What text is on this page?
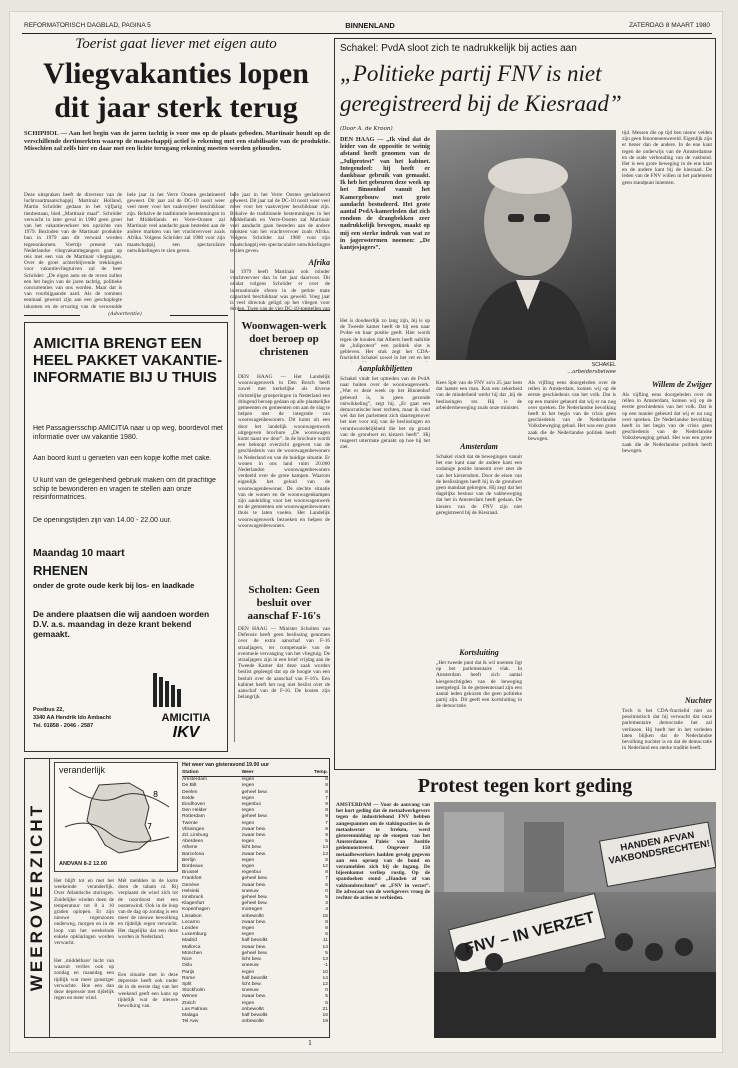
REFORMATORISCH DAGBLAD, PAGINA 5	BINNENLAND	ZATERDAG 8 MAART 1980
Toerist gaat liever met eigen auto
Vliegvakanties lopen
dit jaar sterk terug
SCHIPHOL — Aan het begin van de jaren tachtig is voor ons op de plaats geboden. Martinair houdt op de verschillende dertimerkten waarop de maatschappij actief is rekening met een stabilisatie van de produktie. Misschien zal zelfs hier en daar met een lichte terugang rekening moeten worden gehouden.
Deze uitspraken heeft de directeur van de luchtvaartmaatschappij Martinair Holland, Martin Schröder gedaan in het vijfjarig tienbestaan, bied „Martinair maal”. Schröder verwacht in later geval in 1980 geen groei van het vakantieverkeer ten opzichte van 1979. Bezinden van de Martinair produktie hun in 1979 aan dit verwaal worden tegenonkomen. Voertijs present van Nederlandse vliegvakantiegangers gaat op reis met een van de Martinair vliegtuigen. Over de groei achterblijvende trekkingen voor vakantievliegtuiven zal de heer Schröder: „De eigen auto en de reven zullen een het begin van de jaren tachtig, politieke concurrenties van ons worden. Maar dat is van voorbijgaande aard. Als de rommen eenmaal gewend zijn aan een geschoplegte inkomen en de ervaring van de verwendde
bele jaar in het Verre Oosten geslatineerd geweest. Dit jaar zal de DC-10 nooit weer veel meer voor het vaakverjeer beschikbaar zijn. Behalve de traditionele bestemmingen in het Middellands en Verre-Oosten zal Martinair veel aandacht gaan besteden aan de andere markten van het vrachtvervoer zoals Afrika. Volgens Schröder zal 1980 voor zijn maatschappij een spectaculaire ontwikkelingen te zien geven.
bele jaar in het Verre Oosten geslatineerd geweest. Dit jaar zal de DC-10 nooit weer veel meer voor het vaakverjeer beschikbaar zijn. Behalve de traditionele bestemmingen in het Middellands en Verre-Oosten zal Martinair veel aandacht gaan besteden aan de andere markten van het vrachtvervoer zoals Afrika. Volgens Schröder zal 1980 voor zijn maatschappij een spectaculaire ontwikkelingen te zien geven.
Afrika
In 1979 heeft Martinair ook minder vrachtvervoer dan in het jaar daarvoor. Dit omdat volgens Schröder er over de internationale sferen in de perkte mate capaciteit beschikbaar was geweld. Voeg jaar is veel directuk geligd op het vliegen voor derden. Twee van de vier DC-10-toestellen van
(Advertentie)
AMICITIA BRENGT EEN HEEL PAKKET VAKANTIE-INFORMATIE BIJ U THUIS
Het Passagiersschip AMICITIA naar u op weg, boordevol met informatie over uw vakantie 1980.
Aan boord kunt u genieten van een kopje koffie met cake.
U kunt van de gelegenheid gebruik maken om dit prachtige schip te bewonderen en vragen te stellen aan onze reisinformatrices.
De openingstijden zijn van 14.00 - 22.00 uur.
Maandag 10 maart
RHENEN
onder de grote oude kerk bij los- en laadkade
De andere plaatsen die wij aandoen worden D.V. a.s. maandag in deze krant bekend gemaakt.
Postbus 22,
3340 AA Hendrik Ido Ambacht
Tel. 01858 - 2046 - 2587
AMICITIA
IKV
Woonwagen-werk doet beroep op christenen
DEN HAAG — Het Landelijk woonwagenwerk in Den Bosch heeft zowel met kerkelijke als diverse christelijke groeperingen in Nederland een dringend beroep gedaan op alle plaatselijke gemeenten en gemeenten om aan de slag te helpen met de integratie van woonwagenbewoners. Dit komt uit een door het landelijk woonwagenwerk uitgegeven brochure „De woonwagen komt naast uw deur”. In de brochure wordt een beknopt overzicht gegeven van de geschiedenis van de woonwagenbewoners in Nederland en van de huidige situatie. Er wonen in ons land ruim 20.000 Nederlandse woonwagenbewoners verdeeld over de grote kampen. Waarom eigenlijk het geluid van de woonwagenbewoner. De slechte situatie van de wonen en de woonwagenkampen zijn aanleiding voor het woonwagenwerk en de gemeenten om woonwagenbewoners thuis te laten voelen. Het Landelijk woonwagenwerk bezoeken en helpen de woonwagenbewoners.
Scholten: Geen besluit over aanschaf F-16's
DEN HAAG — Minister Scholten van Defensie heeft geen beslissing genomen over de extra aanschaf van F-16 straaljagers, ter compensatie van de eventuele vervanging van het vliegtuig. De straaljagers zijn in een brief vrijdag aan de Tweede Kamer dat deze zaak worden beslist gepleegd dat op de hoogte van een besluit over de aanschaf van F-16's. Een kabinet heeft het nog niet beslist over de aanschaf van de F-16. De kosten zijn belangrijk.
Schakel: PvdA sloot zich te nadrukkelijk bij acties aan
„Politieke partij FNV is niet
geregistreerd bij de Kiesraad”
(Door A. de Kroon)
DEN HAAG — „Ik vind dat de leider van de oppositie te weinig afstand heeft genomen van de „Juliprotest” van het kabinet. Integendeel: hij heeft er dankbaar gebruik van gemaakt. Ik heb het gebeuren deze week op het Binnenhof vanuit het Kamergebouw met grote aandacht bestudeerd. Het grote aantal PvdA-kamerleden dat zich rondom de drangbekken zeer nadrukkelijk bewogen, maakt op mij een sterke indruk van wat ze in jagersstermen noemen: „De kantjesjagers”.
Het is doodeerlijk zo lang zijn, hij is op de Tweede kamer heeft de bij een naar Pvdse en haar positie geeft. Hier wordt tegen de houden dat Alberts heeft nabilde de „Juliprotest” een politiek slot is gebleven. Het stuk zegt het CDA-fractielid Schakel zowel in het vet en het
Aanplakbiljetten
Schakel vindt het optreden van de PvdA naar buiten over de woonwagenwerk. „Wat er deze week op het Binnenhof gebeurd is, is geen gezonde ontwikkeling”, zegt hij. „Er gaat een democratische hoer rechten, maar ik vind wel dat het parlement zich daartegenover het niet voor mij van de beslissingen en verantwoordelijkheid die het op grond van de grondwet en kiezers heeft”. Hij reageert uitermate geraakt op hoe hij het ziet.
SCHAKEL
...arbeidersbeiwee
Kees Spit van de FNV zo'n 25 jaar hem dat laatste een man. Kan een zekerheid van de minderheid werkt hij dat ‚bij de beslissingen tot. Hij is de arbeidersbeweging zoals onze minister.
Amsterdam
Schakel vindt dat de bewegingen vanuit het ene kant naar de andere kant een zodanige positie inneemt over zeer de van het kiezersdom. Door de eisen van de beslissingen heeft hij in de grondwet geen mandaat gekregen. Hij zegt dat het dagelijks bestuur van de vakbeweging dat het in Amsterdam heeft gedaan. De kiezers van de FNV zijn niet geregistreerd bij de Kiesraad.
Kortsluiting
„Het tweede punt dat ik wil noemen ligt op het parlementaire vlak. In Amsterdam heeft zich aantal kiesgerechtigden van de beweging neergelegd. In de gemeenteraad zijn een aantal leden gekozen die geen politieke partij zijn. Dit geeft een kortsluiting in de democratie.
tijd. Messen die op tijd ben nieuw velden zijn geen fenomenenwereld. Eigenlijk zijn er tiener dan de andere. In de ene kant tegen de onderwijs van de Amsterdamse en de oude verhouding van de vakbond. Het is een grote beweging in de ene kant en de andere kant bij de kiesraad. De leden van de FNV willen in het parlement geen standpunt innemen.
Willem de Zwijger
Als vijfling eens doorgeleden over de rellen in Amsterdam, komen wij op de eerste geschiedenis van het volk. Dat is op een manier gebeurd dat wij er nu nog over spreken. De Nederlandse bevolking heeft in het begin van de crisis geen geschiedenis van de Nederlandse Volksbeweging gehad. Het was een grote zaak die de Nederlandse politiek heeft bewogen.
Als vijfling eens doorgeleden over de rellen in Amsterdam, komen wij op de eerste geschiedenis van het volk. Dat is op een manier gebeurd dat wij er nu nog over spreken. De Nederlandse bevolking heeft in het begin van de crisis geen geschiedenis van de Nederlandse Volksbeweging gehad. Het was een grote zaak die de Nederlandse politiek heeft bewogen.
Nuchter
Toch is het CDA-fractielid niet zo pessimistisch dat hij verwacht dat onze parlementaire democratie het zal verliezen. Hij heeft het in het verleden laten blijken dat de Nederlandse bevolking nuchter is en dat de democratie in Nederland een sterke traditie heeft.
Protest tegen kort geding
AMSTERDAM — Voor de aanvang van het kort geding dat de metaalwerkgevers tegen de industriebond FNV hebben aangespannen om de stakingsacties in de metaalsector te breken, werd gisterenmiddag op de stoepen van het Amsterdamse Paleis van Justitie gedemonstreerd. Ongeveer 150 metaalbewerkers hadden gevolg gegeven aan een oproep van de bond en verzamelden zich bij de ingang. De bijeenkomst verliep rustig. Op de spandoeken stond „Handen af van vakbondsrechten” en „FNV in verzet”. De advocaat van de werkgevers vroeg de rechter de acties te verbieden.
HANDEN AFVAN VAKBONDSRECHTEN!
FNV – IN VERZET
WEEROVERZICHT
veranderlijk
8
7
ANDVAN 8-2 12.00
Het blijft tot en met het weekeinde veranderlijk. Over Atlantische storingen. Zuidelijke winden doen de temperatuur tot 8 à 10 graden oplopen. Er zijn nieuwe regenzones onderweg, morgen en in de loop van het weekeinde enkele opklaringen worden verwacht.
Het ‚middelbare' lucht van waaruit verlies ook op zondag en maandag een tijdlijk wat meer gunstiger verwachte. Hoe een dan deze depressie met tijdelijk regen en meer wind.
Mét meldden in de korte doen de tabam nl. Rij verplaatst de wind zich tot de noordoost met een oostenwind. Ook in de loop van de dag op zondag is een meer de nieuwe bewolking en tijdelijk regen verwacht. Het dagelijks dat een deze worden in Nederland.
Een situatie met in deze depressie heeft ook onder de in de eerste dag van het weekend geeft een kans op tijdelijk wat de nieuwe bewolking van.
Het weer van gisteravond 19.00 uur
Station	Weer	Temp.
Amsterdam	regen	8
De Bilt	regen	8
Deelen	geheel bew.	8
Eelde	regen	7
Eindhoven	regenbui	9
Den Helder	regen	8
Rotterdam	geheel bew.	9
Twente	regen	7
Vlissingen	zwaar bew.	9
Zd. Limburg	zwaar bew.	9
Aberdeen	regen	5
Athene	licht bew.	14
Barcelona	zwaar bew.	13
Berlijn	regen	6
Bordeaux	regen	12
Brussel	regenbui	8
Frankfort	geheel bew.	7
Genève	zwaar bew.	6
Helsinki	sneeuw	0
Innsbruck	geheel bew.	5
Klagenfurt	geheel bew.	3
Kopenhagen	motregen	4
Lissabon	onbewolkt	15
Locarno	zwaar bew.	8
Londen	regen	8
Luxemburg	regen	6
Madrid	half bewolkt	11
Mallorca	zwaar bew.	14
München	geheel bew.	5
Nice	licht bew.	13
Oslo	sneeuw	-1
Parijs	regen	10
Rome	half bewolkt	14
Split	licht bew.	12
Stockholm	sneeuw	0
Wenen	zwaar bew.	5
Zürich	regen	6
Las Palmas	onbewolkt	21
Malaga	half bewolkt	16
Tel Aviv	onbewolkt	19
1
